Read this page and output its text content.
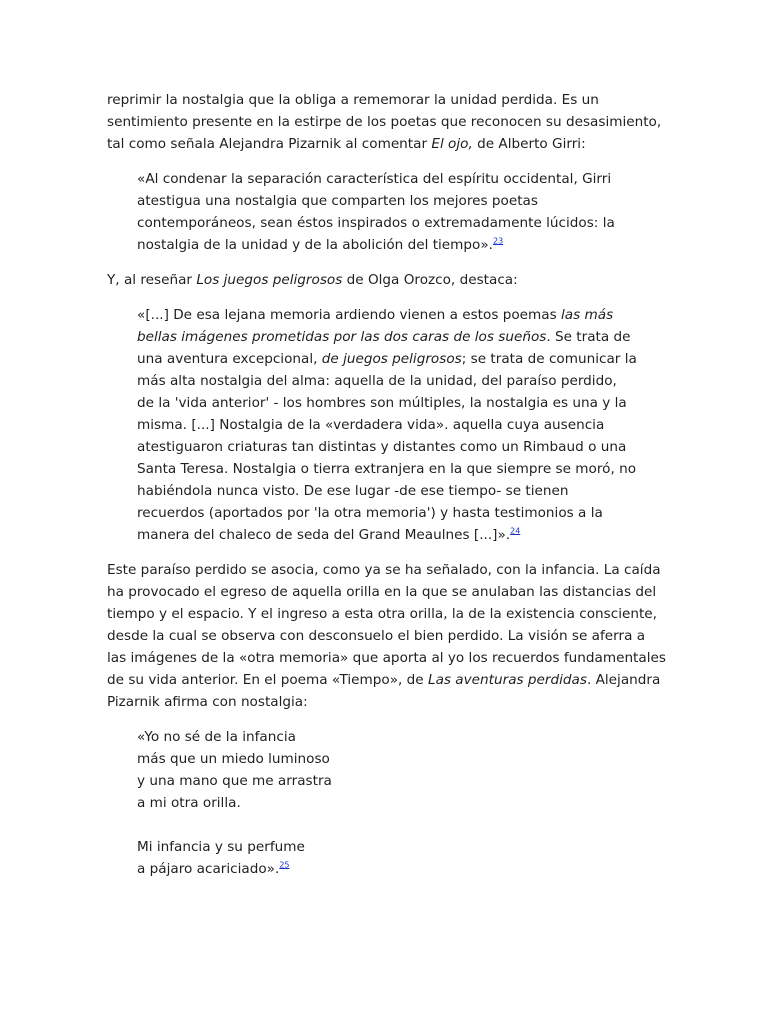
reprimir la nostalgia que la obliga a rememorar la unidad perdida. Es un sentimiento presente en la estirpe de los poetas que reconocen su desasimiento, tal como señala Alejandra Pizarnik al comentar El ojo, de Alberto Girri:

«Al condenar la separación característica del espíritu occidental, Girri atestigua una nostalgia que comparten los mejores poetas contemporáneos, sean éstos inspirados o extremadamente lúcidos: la nostalgia de la unidad y de la abolición del tiempo».$^{23}$

Y, al reseñar Los juegos peligrosos de Olga Orozco, destaca:

«[...] De esa lejana memoria ardiendo vienen a estos poemas las más bellas imágenes prometidas por las dos caras de los sueños. Se trata de una aventura excepcional, de juegos peligrosos; se trata de comunicar la más alta nostalgia del alma: aquella de la unidad, del paraíso perdido, de la 'vida anterior' - los hombres son múltiples, la nostalgia es una y la misma. [...] Nostalgia de la «verdadera vida». aquella cuya ausencia atestiguaron criaturas tan distintas y distantes como un Rimbaud o una Santa Teresa. Nostalgia o tierra extranjera en la que siempre se moró, no habiéndola nunca visto. De ese lugar -de ese tiempo- se tienen recuerdos (aportados por 'la otra memoria') y hasta testimonios a la manera del chaleco de seda del Grand Meaulnes [...]».$^{24}$

Este paraíso perdido se asocia, como ya se ha señalado, con la infancia. La caída ha provocado el egreso de aquella orilla en la que se anulaban las distancias del tiempo y el espacio. Y el ingreso a esta otra orilla, la de la existencia consciente, desde la cual se observa con desconsuelo el bien perdido. La visión se aferra a las imágenes de la «otra memoria» que aporta al yo los recuerdos fundamentales de su vida anterior. En el poema «Tiempo», de Las aventuras perdidas. Alejandra Pizarnik afirma con nostalgia:

«Yo no sé de la infancia
más que un miedo luminoso
y una mano que me arrastra
a mi otra orilla.
Mi infancia y su perfume
a pájaro acariciado».$^{25}$
